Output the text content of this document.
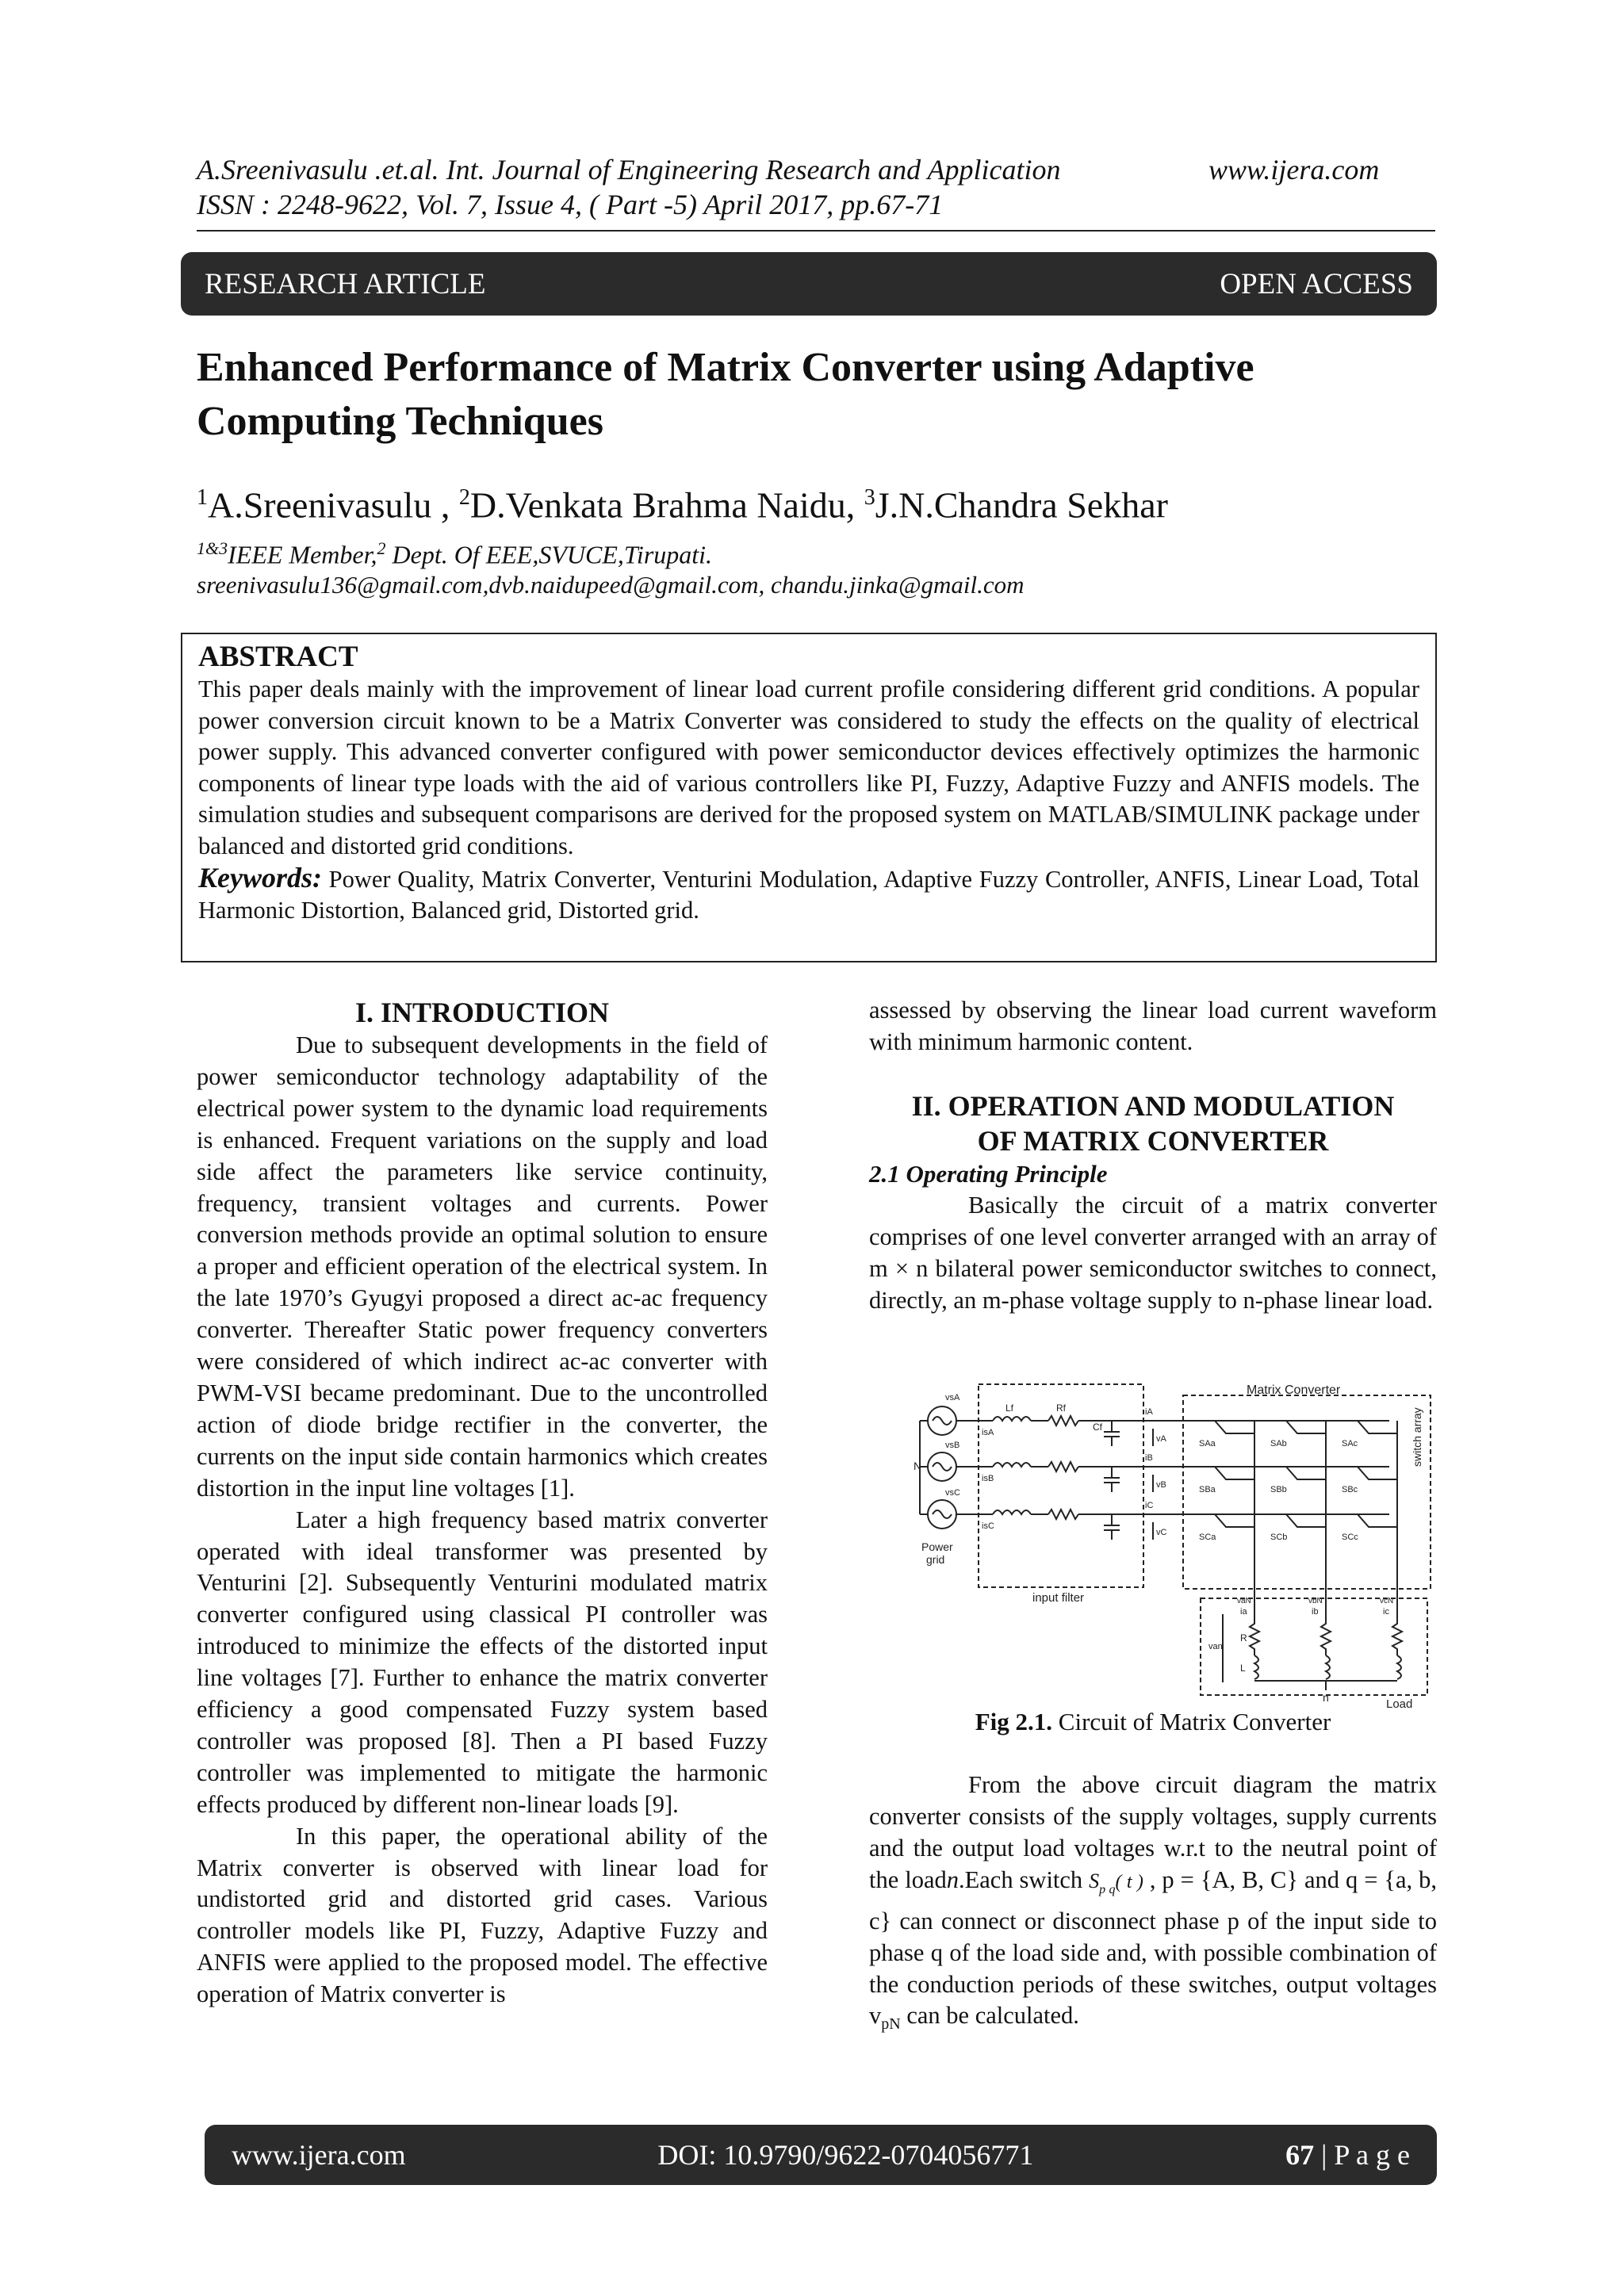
A.Sreenivasulu .et.al. Int. Journal of Engineering Research and Application	www.ijera.com
ISSN : 2248-9622, Vol. 7, Issue 4, ( Part -5) April 2017, pp.67-71
RESEARCH ARTICLE	OPEN ACCESS
Enhanced Performance of Matrix Converter using Adaptive Computing Techniques
$^1$A.Sreenivasulu , $^2$D.Venkata Brahma Naidu, $^3$J.N.Chandra Sekhar
$^{1\&3}$IEEE Member,$^2$ Dept. Of EEE,SVUCE,Tirupati.
sreenivasulu136@gmail.com,dvb.naidupeed@gmail.com, chandu.jinka@gmail.com
ABSTRACT
This paper deals mainly with the improvement of linear load current profile considering different grid conditions. A popular power conversion circuit known to be a Matrix Converter was considered to study the effects on the quality of electrical power supply. This advanced converter configured with power semiconductor devices effectively optimizes the harmonic components of linear type loads with the aid of various controllers like PI, Fuzzy, Adaptive Fuzzy and ANFIS models. The simulation studies and subsequent comparisons are derived for the proposed system on MATLAB/SIMULINK package under balanced and distorted grid conditions.
Keywords: Power Quality, Matrix Converter, Venturini Modulation, Adaptive Fuzzy Controller, ANFIS, Linear Load, Total Harmonic Distortion, Balanced grid, Distorted grid.
I. INTRODUCTION

Due to subsequent developments in the field of power semiconductor technology adaptability of the electrical power system to the dynamic load requirements is enhanced. Frequent variations on the supply and load side affect the parameters like service continuity, frequency, transient voltages and currents. Power conversion methods provide an optimal solution to ensure a proper and efficient operation of the electrical system. In the late 1970’s Gyugyi proposed a direct ac-ac frequency converter. Thereafter Static power frequency converters were considered of which indirect ac-ac converter with PWM-VSI became predominant. Due to the uncontrolled action of diode bridge rectifier in the converter, the currents on the input side contain harmonics which creates distortion in the input line voltages [1].

Later a high frequency based matrix converter operated with ideal transformer was presented by Venturini [2]. Subsequently Venturini modulated matrix converter configured using classical PI controller was introduced to minimize the effects of the distorted input line voltages [7]. Further to enhance the matrix converter efficiency a good compensated Fuzzy system based controller was proposed [8]. Then a PI based Fuzzy controller was implemented to mitigate the harmonic effects produced by different non-linear loads [9].

In this paper, the operational ability of the Matrix converter is observed with linear load for undistorted grid and distorted grid cases. Various controller models like PI, Fuzzy, Adaptive Fuzzy and ANFIS were applied to the proposed model. The effective operation of Matrix converter is

assessed by observing the linear load current waveform with minimum harmonic content.

II. OPERATION AND MODULATION
OF MATRIX CONVERTER
2.1 Operating Principle

Basically the circuit of a matrix converter comprises of one level converter arranged with an array of m × n bilateral power semiconductor switches to connect, directly, an m-phase voltage supply to n-phase linear load.

Matrix Converter
switch array
Power
grid
input filter
Load
N
n
vsA
vsB
vsC
isA
isB
isC
Lf	Rf
Cf
vA
vB
vC
iA
iB
iC
SAa	SAb	SAc
SBa	SBb	SBc
SCa	SCb	SCc
ia	ib	ic
vaN	vbN	vcN
van
R
L
Fig 2.1. Circuit of Matrix Converter

From the above circuit diagram the matrix converter consists of the supply voltages, supply currents and the output load voltages w.r.t to the neutral point of the loadn.Each switch $S_{p q}$( t ) , p = {A, B, C} and q = {a, b, c} can connect or disconnect phase p of the input side to phase q of the load side and, with possible combination of the conduction periods of these switches, output voltages $v_{pN}$ can be calculated.

www.ijera.com	DOI: 10.9790/9622-0704056771	67 | P a g e
